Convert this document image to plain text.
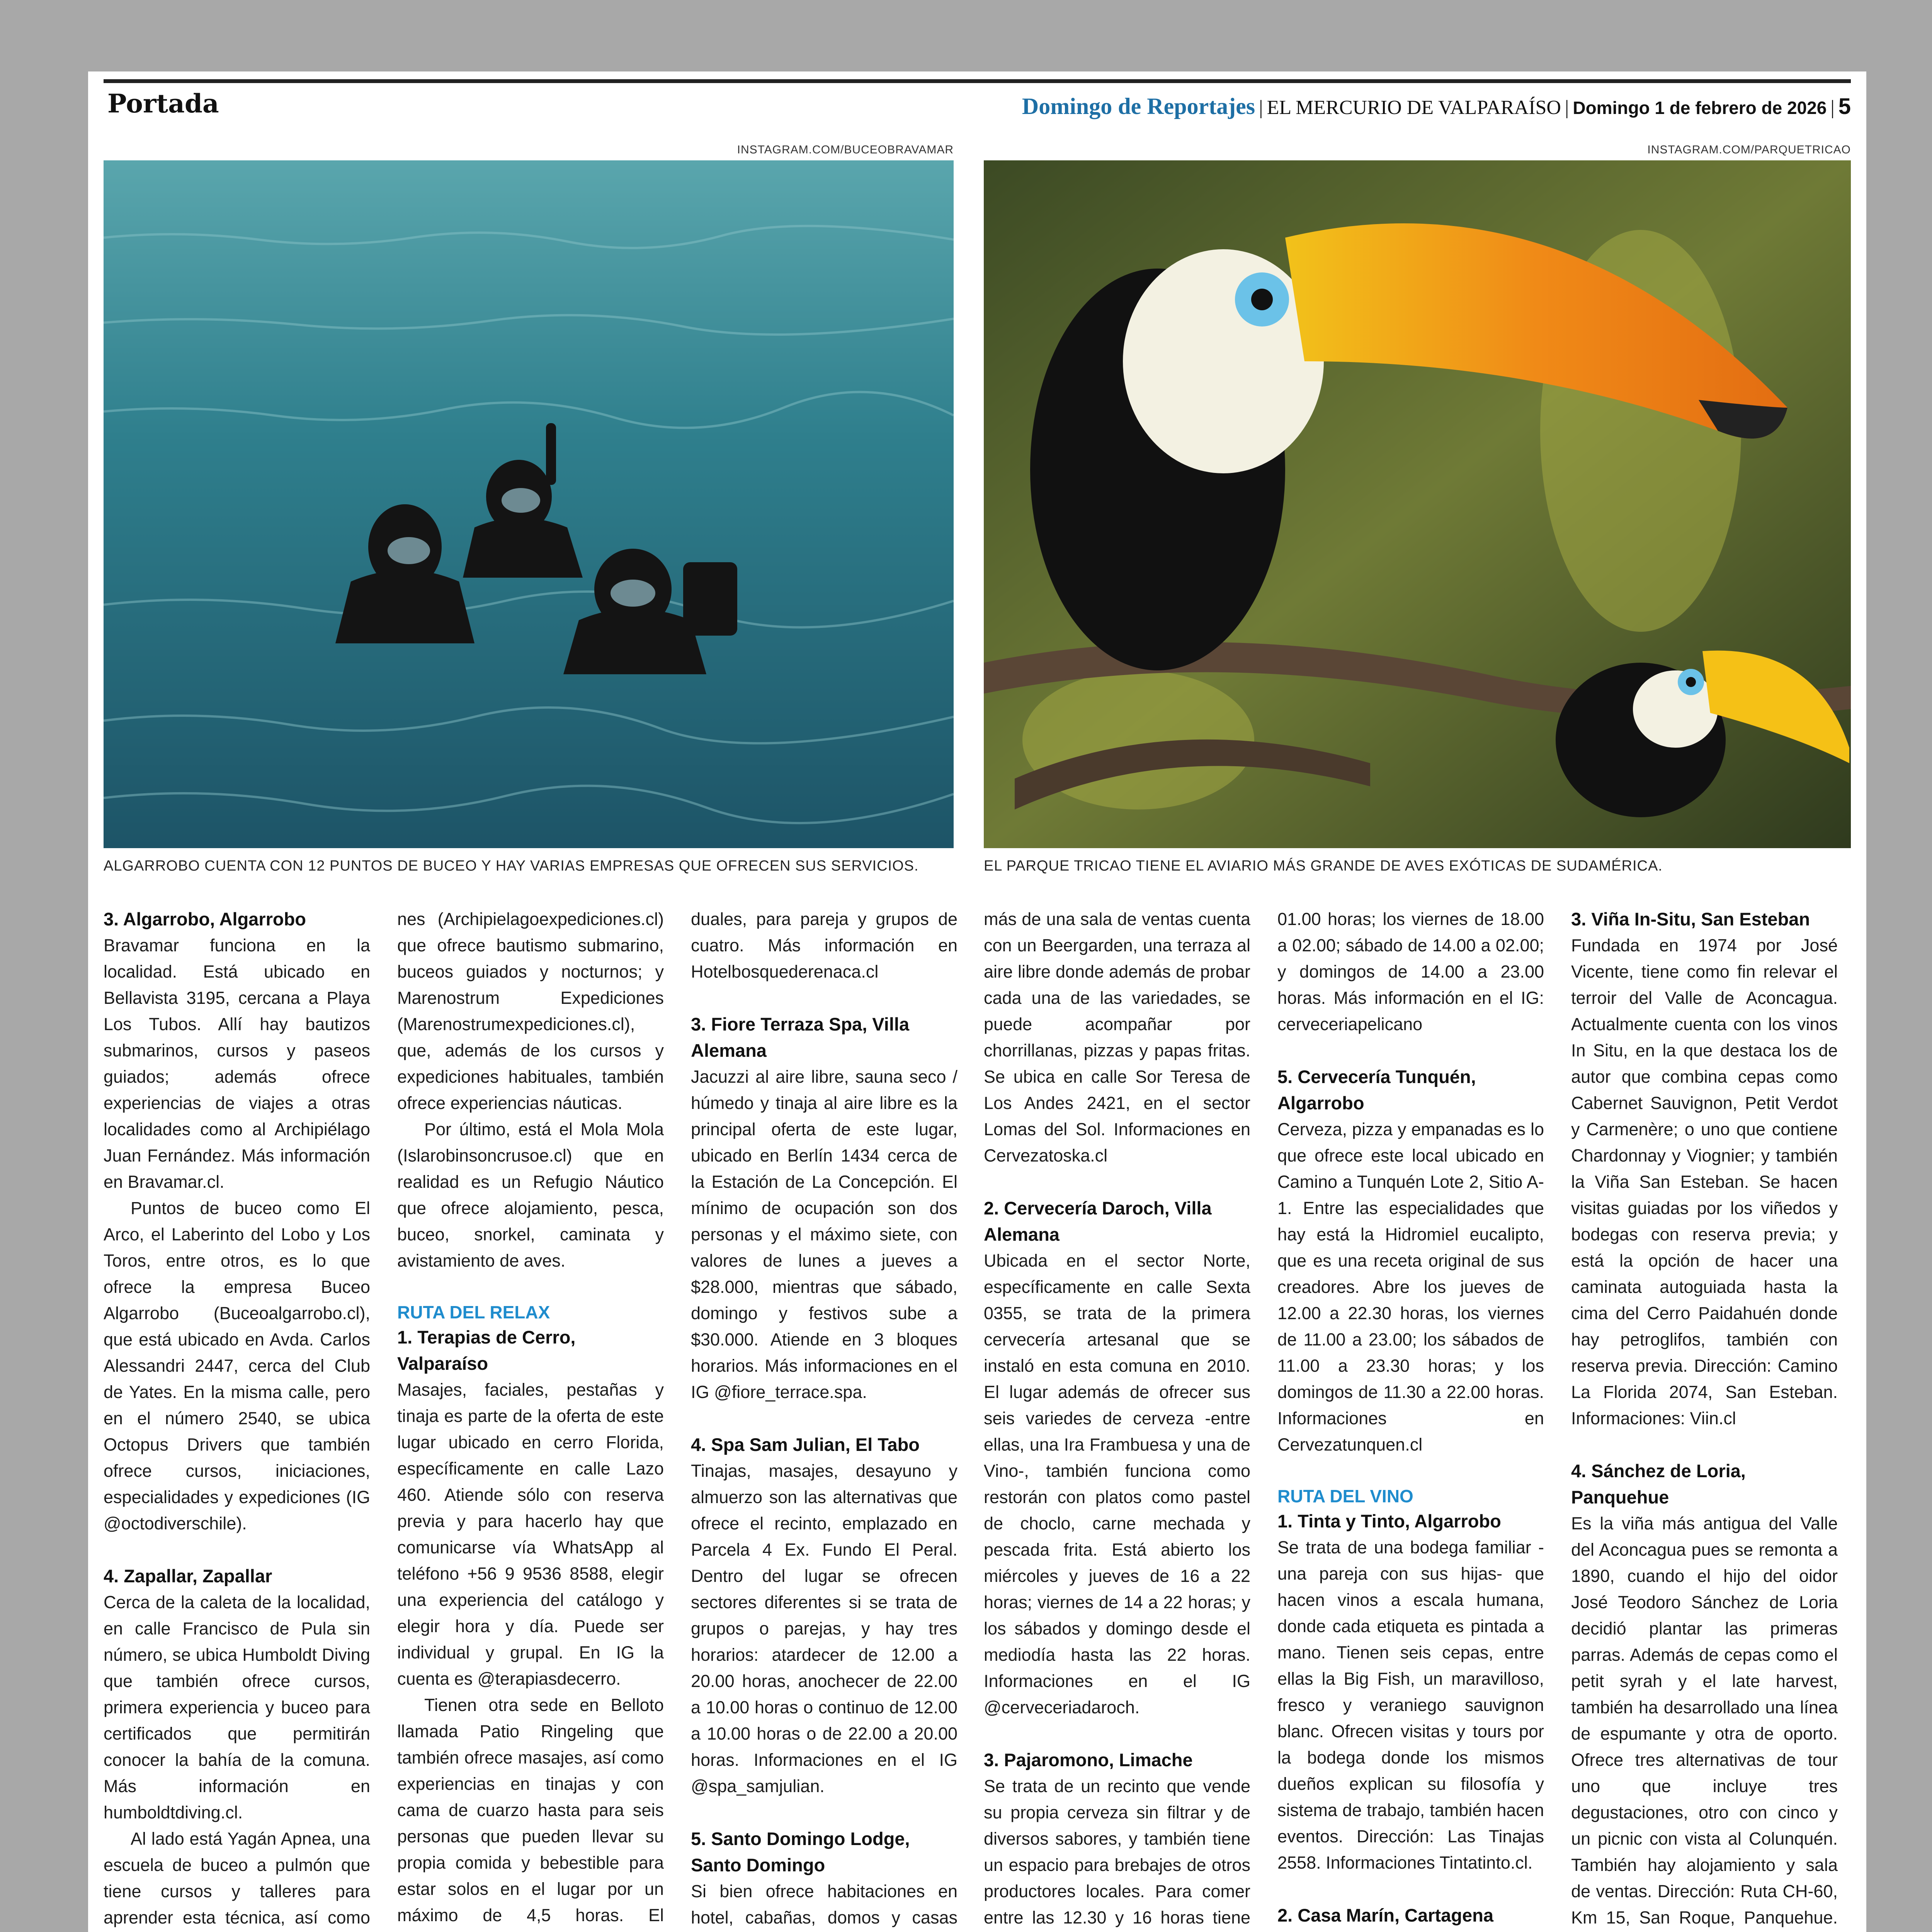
Portada	Domingo de Reportajes | EL MERCURIO DE VALPARAÍSO | Domingo 1 de febrero de 2026 | 5
INSTAGRAM.COM/BUCEOBRAVAMAR
ALGARROBO CUENTA CON 12 PUNTOS DE BUCEO Y HAY VARIAS EMPRESAS QUE OFRECEN SUS SERVICIOS.
INSTAGRAM.COM/PARQUETRICAO
EL PARQUE TRICAO TIENE EL AVIARIO MÁS GRANDE DE AVES EXÓTICAS DE SUDAMÉRICA.
3. Algarrobo, Algarrobo

Bravamar funciona en la localidad. Está ubicado en Bellavista 3195, cercana a Playa Los Tubos. Allí hay bautizos submarinos, cursos y paseos guiados; además ofrece experiencias de viajes a otras localidades como al Archipiélago Juan Fernández. Más información en Bravamar.cl.

Puntos de buceo como El Arco, el Laberinto del Lobo y Los Toros, entre otros, es lo que ofrece la empresa Buceo Algarrobo (Buceoalgarrobo.cl), que está ubicado en Avda. Carlos Alessandri 2447, cerca del Club de Yates. En la misma calle, pero en el número 2540, se ubica Octopus Drivers que también ofrece cursos, iniciaciones, especialidades y expediciones (IG @octodiverschile).

4. Zapallar, Zapallar

Cerca de la caleta de la localidad, en calle Francisco de Pula sin número, se ubica Humboldt Diving que también ofrece cursos, primera experiencia y buceo para certificados que permitirán conocer la bahía de la comuna. Más información en humboldtdiving.cl.

Al lado está Yagán Apnea, una escuela de buceo a pulmón que tiene cursos y talleres para aprender esta técnica, así como

nes (Archipielagoexpediciones.cl) que ofrece bautismo submarino, buceos guiados y nocturnos; y Marenostrum Expediciones (Marenostrumexpediciones.cl), que, además de los cursos y expediciones habituales, también ofrece experiencias náuticas.

Por último, está el Mola Mola (Islarobinsoncrusoe.cl) que en realidad es un Refugio Náutico que ofrece alojamiento, pesca, buceo, snorkel, caminata y avistamiento de aves.

RUTA DEL RELAX
1. Terapias de Cerro, Valparaíso

Masajes, faciales, pestañas y tinaja es parte de la oferta de este lugar ubicado en cerro Florida, específicamente en calle Lazo 460. Atiende sólo con reserva previa y para hacerlo hay que comunicarse vía WhatsApp al teléfono +56 9 9536 8588, elegir una experiencia del catálogo y elegir hora y día. Puede ser individual y grupal. En IG la cuenta es @terapiasdecerro.

Tienen otra sede en Belloto llamada Patio Ringeling que también ofrece masajes, así como experiencias en tinajas y con cama de cuarzo hasta para seis personas que pueden llevar su propia comida y bebestible para estar solos en el lugar por un máximo de 4,5 horas. El

duales, para pareja y grupos de cuatro. Más información en Hotelbosquederenaca.cl

3. Fiore Terraza Spa, Villa Alemana

Jacuzzi al aire libre, sauna seco / húmedo y tinaja al aire libre es la principal oferta de este lugar, ubicado en Berlín 1434 cerca de la Estación de La Concepción. El mínimo de ocupación son dos personas y el máximo siete, con valores de lunes a jueves a $28.000, mientras que sábado, domingo y festivos sube a $30.000. Atiende en 3 bloques horarios. Más informaciones en el IG @fiore_terrace.spa.

4. Spa Sam Julian, El Tabo

Tinajas, masajes, desayuno y almuerzo son las alternativas que ofrece el recinto, emplazado en Parcela 4 Ex. Fundo El Peral. Dentro del lugar se ofrecen sectores diferentes si se trata de grupos o parejas, y hay tres horarios: atardecer de 12.00 a 20.00 horas, anochecer de 22.00 a 10.00 horas o continuo de 12.00 a 10.00 horas o de 22.00 a 20.00 horas. Informaciones en el IG @spa_samjulian.

5. Santo Domingo Lodge, Santo Domingo

Si bien ofrece habitaciones en hotel, cabañas, domos y casas

más de una sala de ventas cuenta con un Beergarden, una terraza al aire libre donde además de probar cada una de las variedades, se puede acompañar por chorrillanas, pizzas y papas fritas. Se ubica en calle Sor Teresa de Los Andes 2421, en el sector Lomas del Sol. Informaciones en Cervezatoska.cl

2. Cervecería Daroch, Villa Alemana

Ubicada en el sector Norte, específicamente en calle Sexta 0355, se trata de la primera cervecería artesanal que se instaló en esta comuna en 2010. El lugar además de ofrecer sus seis variedes de cerveza -entre ellas, una Ira Frambuesa y una de Vino-, también funciona como restorán con platos como pastel de choclo, carne mechada y pescada frita. Está abierto los miércoles y jueves de 16 a 22 horas; viernes de 14 a 22 horas; y los sábados y domingo desde el mediodía hasta las 22 horas. Informaciones en el IG @cerveceriadaroch.

3. Pajaromono, Limache

Se trata de un recinto que vende su propia cerveza sin filtrar y de diversos sabores, y también tiene un espacio para brebajes de otros productores locales. Para comer entre las 12.30 y 16 horas tiene

01.00 horas; los viernes de 18.00 a 02.00; sábado de 14.00 a 02.00; y domingos de 14.00 a 23.00 horas. Más información en el IG: cerveceriapelicano

5. Cervecería Tunquén, Algarrobo

Cerveza, pizza y empanadas es lo que ofrece este local ubicado en Camino a Tunquén Lote 2, Sitio A-1. Entre las especialidades que hay está la Hidromiel eucalipto, que es una receta original de sus creadores. Abre los jueves de 12.00 a 22.30 horas, los viernes de 11.00 a 23.00; los sábados de 11.00 a 23.30 horas; y los domingos de 11.30 a 22.00 horas. Informaciones en Cervezatunquen.cl

RUTA DEL VINO
1. Tinta y Tinto, Algarrobo

Se trata de una bodega familiar -una pareja con sus hijas- que hacen vinos a escala humana, donde cada etiqueta es pintada a mano. Tienen seis cepas, entre ellas la Big Fish, un maravilloso, fresco y veraniego sauvignon blanc. Ofrecen visitas y tours por la bodega donde los mismos dueños explican su filosofía y sistema de trabajo, también hacen eventos. Dirección: Las Tinajas 2558. Informaciones Tintatinto.cl.

2. Casa Marín, Cartagena

3. Viña In-Situ, San Esteban

Fundada en 1974 por José Vicente, tiene como fin relevar el terroir del Valle de Aconcagua. Actualmente cuenta con los vinos In Situ, en la que destaca los de autor que combina cepas como Cabernet Sauvignon, Petit Verdot y Carmenère; o uno que contiene Chardonnay y Viognier; y también la Viña San Esteban. Se hacen visitas guiadas por los viñedos y bodegas con reserva previa; y está la opción de hacer una caminata autoguiada hasta la cima del Cerro Paidahuén donde hay petroglifos, también con reserva previa. Dirección: Camino La Florida 2074, San Esteban. Informaciones: Viin.cl

4. Sánchez de Loria, Panquehue

Es la viña más antigua del Valle del Aconcagua pues se remonta a 1890, cuando el hijo del oidor José Teodoro Sánchez de Loria decidió plantar las primeras parras. Además de cepas como el petit syrah y el late harvest, también ha desarrollado una línea de espumante y otra de oporto. Ofrece tres alternativas de tour uno que incluye tres degustaciones, otro con cinco y un picnic con vista al Colunquén. También hay alojamiento y sala de ventas. Dirección: Ruta CH-60, Km 15, San Roque, Panquehue.
